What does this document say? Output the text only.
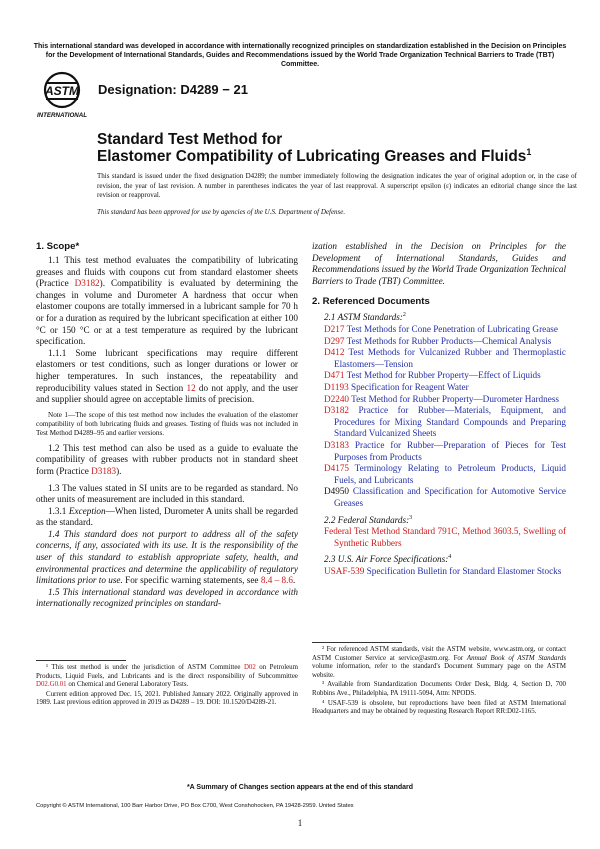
This international standard was developed in accordance with internationally recognized principles on standardization established in the Decision on Principles for the Development of International Standards, Guides and Recommendations issued by the World Trade Organization Technical Barriers to Trade (TBT) Committee.
ASTM
INTERNATIONAL
Designation: D4289 − 21
Standard Test Method for
Elastomer Compatibility of Lubricating Greases and Fluids$^1$
This standard is issued under the fixed designation D4289; the number immediately following the designation indicates the year of original adoption or, in the case of revision, the year of last revision. A number in parentheses indicates the year of last reapproval. A superscript epsilon (ε) indicates an editorial change since the last revision or reapproval.
This standard has been approved for use by agencies of the U.S. Department of Defense.
1. Scope*

1.1 This test method evaluates the compatibility of lubricating greases and fluids with coupons cut from standard elastomer sheets (Practice D3182). Compatibility is evaluated by determining the changes in volume and Durometer A hardness that occur when elastomer coupons are totally immersed in a lubricant sample for 70 h or for a duration as required by the lubricant specification at either 100 °C or 150 °C or at a test temperature as required by the lubricant specification.

1.1.1 Some lubricant specifications may require different elastomers or test conditions, such as longer durations or lower or higher temperatures. In such instances, the repeatability and reproducibility values stated in Section 12 do not apply, and the user and supplier should agree on acceptable limits of precision.

Note 1—The scope of this test method now includes the evaluation of the elastomer compatibility of both lubricating fluids and greases. Testing of fluids was not included in Test Method D4289–95 and earlier versions.

1.2 This test method can also be used as a guide to evaluate the compatibility of greases with rubber products not in standard sheet form (Practice D3183).

1.3 The values stated in SI units are to be regarded as standard. No other units of measurement are included in this standard.

1.3.1 Exception—When listed, Durometer A units shall be regarded as the standard.

1.4 This standard does not purport to address all of the safety concerns, if any, associated with its use. It is the responsibility of the user of this standard to establish appropriate safety, health, and environmental practices and determine the applicability of regulatory limitations prior to use. For specific warning statements, see 8.4 – 8.6.

1.5 This international standard was developed in accordance with internationally recognized principles on standard-

¹ This test method is under the jurisdiction of ASTM Committee D02 on Petroleum Products, Liquid Fuels, and Lubricants and is the direct responsibility of Subcommittee D02.G0.01 on Chemical and General Laboratory Tests.

Current edition approved Dec. 15, 2021. Published January 2022. Originally approved in 1989. Last previous edition approved in 2019 as D4289 – 19. DOI: 10.1520/D4289-21.

ization established in the Decision on Principles for the Development of International Standards, Guides and Recommendations issued by the World Trade Organization Technical Barriers to Trade (TBT) Committee.

2. Referenced Documents

2.1 ASTM Standards:$^2$

D217 Test Methods for Cone Penetration of Lubricating Grease

D297 Test Methods for Rubber Products—Chemical Analysis

D412 Test Methods for Vulcanized Rubber and Thermoplastic Elastomers—Tension

D471 Test Method for Rubber Property—Effect of Liquids

D1193 Specification for Reagent Water

D2240 Test Method for Rubber Property—Durometer Hardness

D3182 Practice for Rubber—Materials, Equipment, and Procedures for Mixing Standard Compounds and Preparing Standard Vulcanized Sheets

D3183 Practice for Rubber—Preparation of Pieces for Test Purposes from Products

D4175 Terminology Relating to Petroleum Products, Liquid Fuels, and Lubricants

D4950 Classification and Specification for Automotive Service Greases

2.2 Federal Standards:$^3$

Federal Test Method Standard 791C, Method 3603.5, Swelling of Synthetic Rubbers

2.3 U.S. Air Force Specifications:$^4$

USAF-539 Specification Bulletin for Standard Elastomer Stocks

² For referenced ASTM standards, visit the ASTM website, www.astm.org, or contact ASTM Customer Service at service@astm.org. For Annual Book of ASTM Standards volume information, refer to the standard's Document Summary page on the ASTM website.

³ Available from Standardization Documents Order Desk, Bldg. 4, Section D, 700 Robbins Ave., Philadelphia, PA 19111-5094, Attn: NPODS.

⁴ USAF-539 is obsolete, but reproductions have been filed at ASTM International Headquarters and may be obtained by requesting Research Report RR:D02-1165.

*A Summary of Changes section appears at the end of this standard
Copyright © ASTM International, 100 Barr Harbor Drive, PO Box C700, West Conshohocken, PA 19428-2959. United States
1
